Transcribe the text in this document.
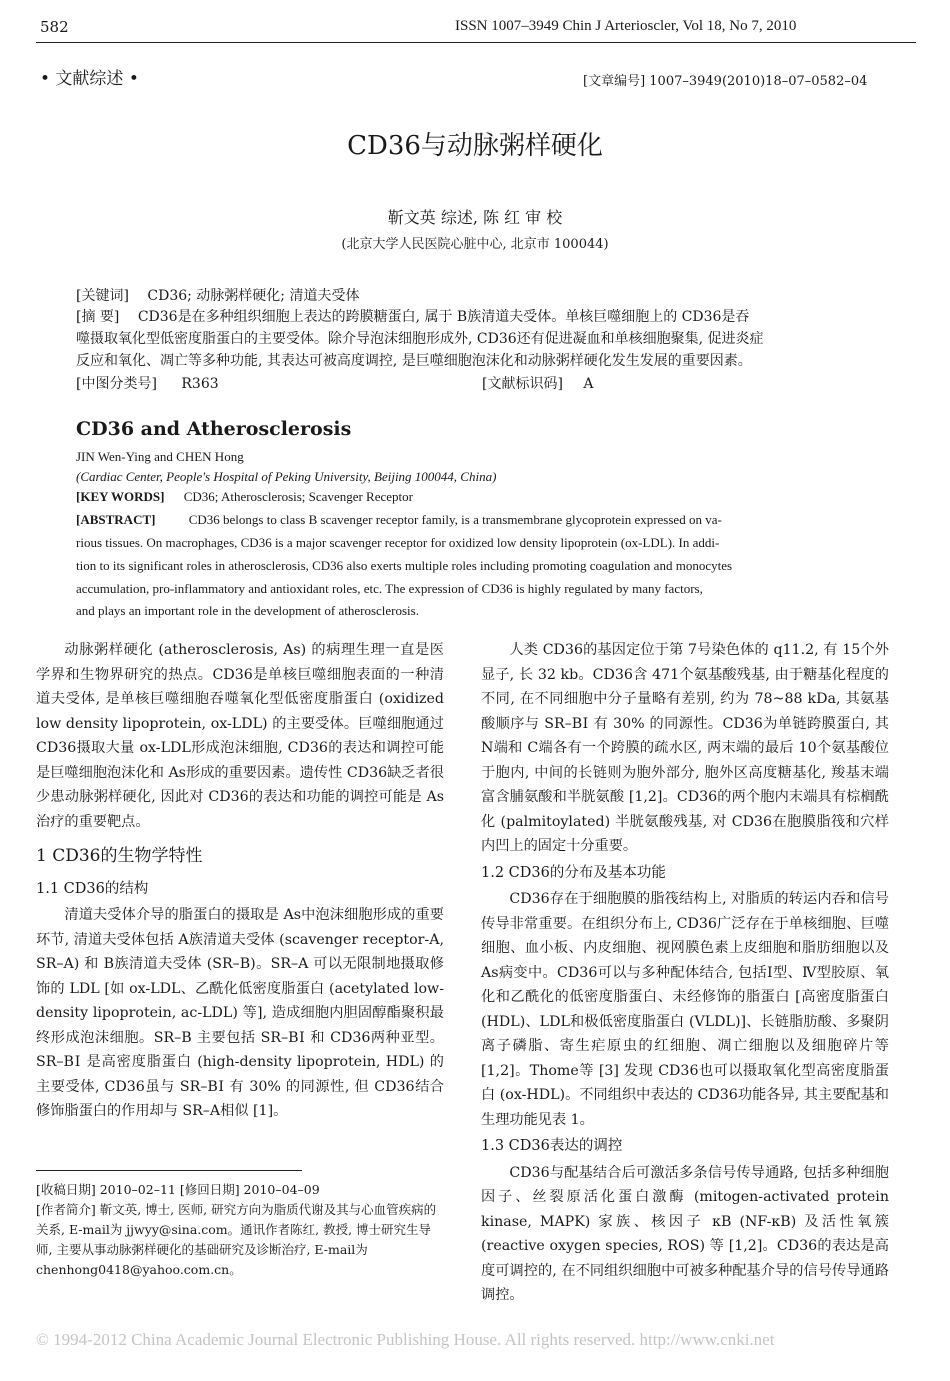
582	ISSN 1007–3949 Chin J Arterioscler, Vol 18, No 7, 2010
• 文献综述 •	[文章编号] 1007–3949(2010)18–07–0582–04
CD36与动脉粥样硬化
靳文英 综述, 陈 红 审 校
(北京大学人民医院心脏中心, 北京市 100044)
[关键词] CD36; 动脉粥样硬化; 清道夫受体
[摘 要] CD36是在多种组织细胞上表达的跨膜糖蛋白, 属于 B族清道夫受体。单核巨噬细胞上的 CD36是吞
噬摄取氧化型低密度脂蛋白的主要受体。除介导泡沫细胞形成外, CD36还有促进凝血和单核细胞聚集, 促进炎症
反应和氧化、凋亡等多种功能, 其表达可被高度调控, 是巨噬细胞泡沫化和动脉粥样硬化发生发展的重要因素。
[中图分类号] R363	[文献标识码] A
CD36 and Atherosclerosis
JIN Wen-Ying and CHEN Hong
(Cardiac Center, People's Hospital of Peking University, Beijing 100044, China)
[KEY WORDS] CD36; Atherosclerosis; Scavenger Receptor
[ABSTRACT]	CD36 belongs to class B scavenger receptor family, is a transmembrane glycoprotein expressed on va-
rious tissues. On macrophages, CD36 is a major scavenger receptor for oxidized low density lipoprotein (ox-LDL). In addi-
tion to its significant roles in atherosclerosis, CD36 also exerts multiple roles including promoting coagulation and monocytes
accumulation, pro-inflammatory and antioxidant roles, etc. The expression of CD36 is highly regulated by many factors,
and plays an important role in the development of atherosclerosis.

动脉粥样硬化 (atherosclerosis, As) 的病理生理一直是医学界和生物界研究的热点。CD36是单核巨噬细胞表面的一种清道夫受体, 是单核巨噬细胞吞噬氧化型低密度脂蛋白 (oxidized low density lipoprotein, ox-LDL) 的主要受体。巨噬细胞通过 CD36摄取大量 ox-LDL形成泡沫细胞, CD36的表达和调控可能是巨噬细胞泡沫化和 As形成的重要因素。遗传性 CD36缺乏者很少患动脉粥样硬化, 因此对 CD36的表达和功能的调控可能是 As治疗的重要靶点。

1 CD36的生物学特性

1.1 CD36的结构

清道夫受体介导的脂蛋白的摄取是 As中泡沫细胞形成的重要环节, 清道夫受体包括 A族清道夫受体 (scavenger receptor-A, SR–A) 和 B族清道夫受体 (SR–B)。SR–A 可以无限制地摄取修饰的 LDL [如 ox-LDL、乙酰化低密度脂蛋白 (acetylated low-density lipoprotein, ac-LDL) 等], 造成细胞内胆固醇酯聚积最终形成泡沫细胞。SR–B 主要包括 SR–BⅠ 和 CD36两种亚型。SR–BⅠ 是高密度脂蛋白 (high-density lipoprotein, HDL) 的主要受体, CD36虽与 SR–BⅠ 有 30% 的同源性, 但 CD36结合修饰脂蛋白的作用却与 SR–A相似 [1]。

[收稿日期] 2010–02–11 [修回日期] 2010–04–09

[作者简介] 靳文英, 博士, 医师, 研究方向为脂质代谢及其与心血管疾病的关系, E-mail为 jjwyy@sina.com。通讯作者陈红, 教授, 博士研究生导师, 主要从事动脉粥样硬化的基础研究及诊断治疗, E-mail为 chenhong0418@yahoo.com.cn。

人类 CD36的基因定位于第 7号染色体的 q11.2, 有 15个外显子, 长 32 kb。CD36含 471个氨基酸残基, 由于糖基化程度的不同, 在不同细胞中分子量略有差别, 约为 78~88 kDa, 其氨基酸顺序与 SR–BⅠ 有 30% 的同源性。CD36为单链跨膜蛋白, 其 N端和 C端各有一个跨膜的疏水区, 两末端的最后 10个氨基酸位于胞内, 中间的长链则为胞外部分, 胞外区高度糖基化, 羧基末端富含脯氨酸和半胱氨酸 [1,2]。CD36的两个胞内末端具有棕榈酰化 (palmitoylated) 半胱氨酸残基, 对 CD36在胞膜脂筏和穴样内凹上的固定十分重要。

1.2 CD36的分布及基本功能

CD36存在于细胞膜的脂筏结构上, 对脂质的转运内吞和信号传导非常重要。在组织分布上, CD36广泛存在于单核细胞、巨噬细胞、血小板、内皮细胞、视网膜色素上皮细胞和脂肪细胞以及 As病变中。CD36可以与多种配体结合, 包括Ⅰ型、Ⅳ型胶原、氧化和乙酰化的低密度脂蛋白、未经修饰的脂蛋白 [高密度脂蛋白 (HDL)、LDL和极低密度脂蛋白 (VLDL)]、长链脂肪酸、多聚阴离子磷脂、寄生疟原虫的红细胞、凋亡细胞以及细胞碎片等 [1,2]。Thome等 [3] 发现 CD36也可以摄取氧化型高密度脂蛋白 (ox-HDL)。不同组织中表达的 CD36功能各异, 其主要配基和生理功能见表 1。

1.3 CD36表达的调控

CD36与配基结合后可激活多条信号传导通路, 包括多种细胞因子、丝裂原活化蛋白激酶 (mitogen-activated protein kinase, MAPK) 家族、核因子 κB (NF-κB) 及活性氧簇 (reactive oxygen species, ROS) 等 [1,2]。CD36的表达是高度可调控的, 在不同组织细胞中可被多种配基介导的信号传导通路调控。

© 1994-2012 China Academic Journal Electronic Publishing House. All rights reserved. http://www.cnki.net
